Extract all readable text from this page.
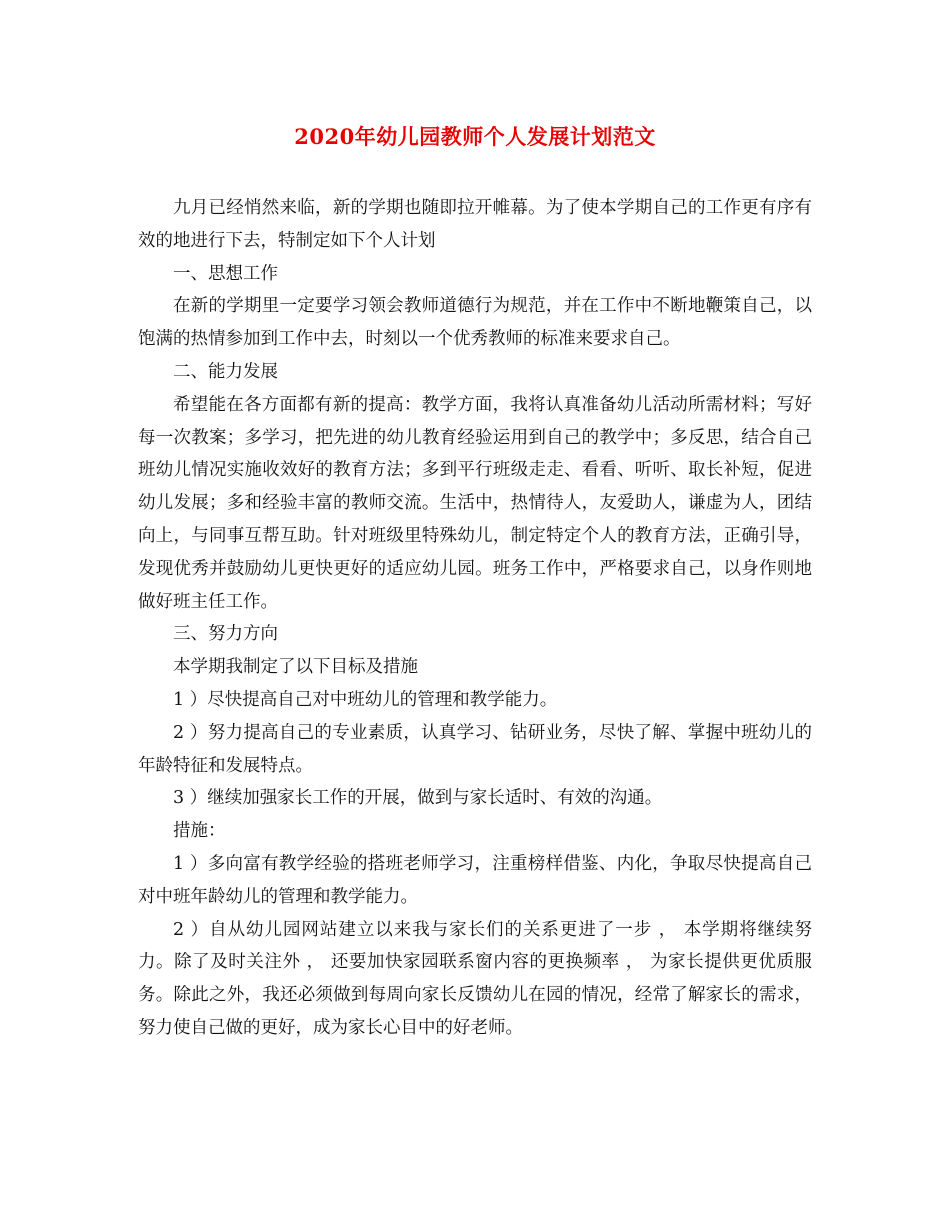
2020年幼儿园教师个人发展计划范文

九月已经悄然来临，新的学期也随即拉开帷幕。为了使本学期自己的工作更有序有效的地进行下去，特制定如下个人计划

一、思想工作

在新的学期里一定要学习领会教师道德行为规范，并在工作中不断地鞭策自己，以饱满的热情参加到工作中去，时刻以一个优秀教师的标准来要求自己。

二、能力发展

希望能在各方面都有新的提高：教学方面，我将认真准备幼儿活动所需材料；写好每一次教案；多学习，把先进的幼儿教育经验运用到自己的教学中；多反思，结合自己班幼儿情况实施收效好的教育方法；多到平行班级走走、看看、听听、取长补短，促进幼儿发展；多和经验丰富的教师交流。生活中，热情待人，友爱助人，谦虚为人，团结向上，与同事互帮互助。针对班级里特殊幼儿，制定特定个人的教育方法，正确引导，发现优秀并鼓励幼儿更快更好的适应幼儿园。班务工作中，严格要求自己，以身作则地做好班主任工作。

三、努力方向

本学期我制定了以下目标及措施

1 ）尽快提高自己对中班幼儿的管理和教学能力。

2 ）努力提高自己的专业素质，认真学习、钻研业务，尽快了解、掌握中班幼儿的年龄特征和发展特点。

3 ）继续加强家长工作的开展，做到与家长适时、有效的沟通。

措施：

1 ）多向富有教学经验的搭班老师学习，注重榜样借鉴、内化，争取尽快提高自己对中班年龄幼儿的管理和教学能力。

2 ）自从幼儿园网站建立以来我与家长们的关系更进了一步 ， 本学期将继续努力。除了及时关注外 ， 还要加快家园联系窗内容的更换频率 ， 为家长提供更优质服务。除此之外，我还必须做到每周向家长反馈幼儿在园的情况，经常了解家长的需求，努力使自己做的更好，成为家长心目中的好老师。
